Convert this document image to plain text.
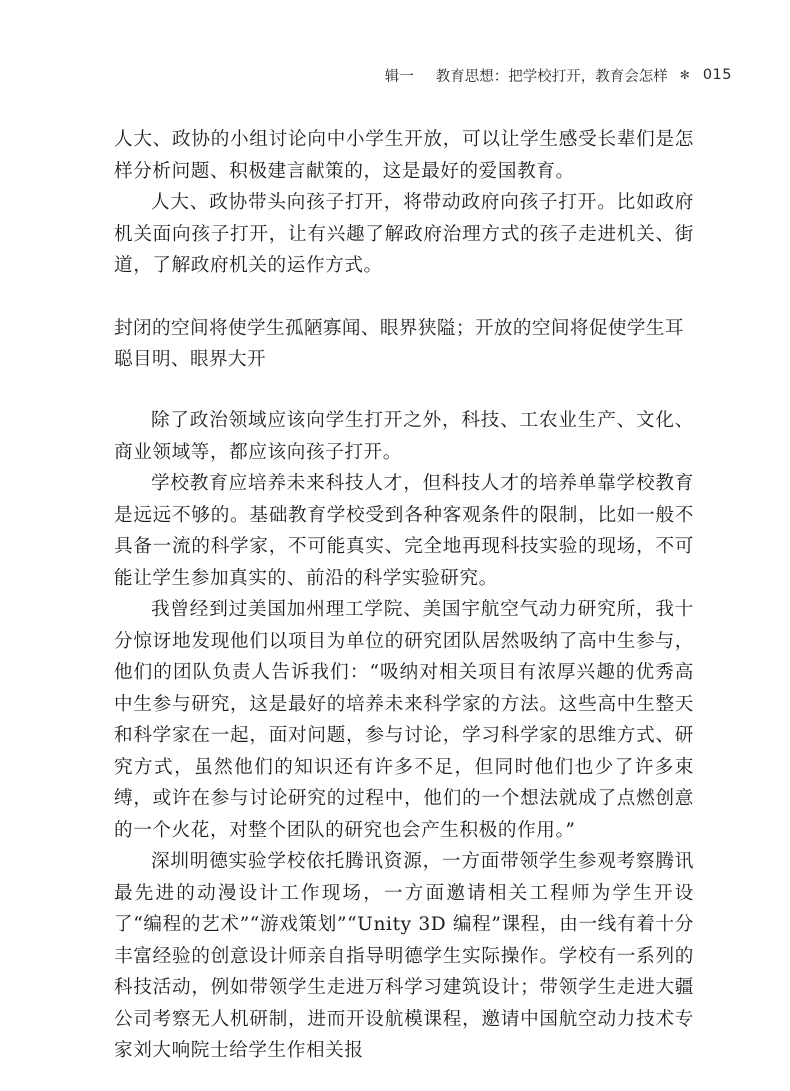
辑一 教育思想：把学校打开，教育会怎样 ✻ 015

人大、政协的小组讨论向中小学生开放，可以让学生感受长辈们是怎样分析问题、积极建言献策的，这是最好的爱国教育。

人大、政协带头向孩子打开，将带动政府向孩子打开。比如政府机关面向孩子打开，让有兴趣了解政府治理方式的孩子走进机关、街道，了解政府机关的运作方式。

封闭的空间将使学生孤陋寡闻、眼界狭隘；开放的空间将促使学生耳聪目明、眼界大开

除了政治领域应该向学生打开之外，科技、工农业生产、文化、商业领域等，都应该向孩子打开。

学校教育应培养未来科技人才，但科技人才的培养单靠学校教育是远远不够的。基础教育学校受到各种客观条件的限制，比如一般不具备一流的科学家，不可能真实、完全地再现科技实验的现场，不可能让学生参加真实的、前沿的科学实验研究。

我曾经到过美国加州理工学院、美国宇航空气动力研究所，我十分惊讶地发现他们以项目为单位的研究团队居然吸纳了高中生参与，他们的团队负责人告诉我们：“吸纳对相关项目有浓厚兴趣的优秀高中生参与研究，这是最好的培养未来科学家的方法。这些高中生整天和科学家在一起，面对问题，参与讨论，学习科学家的思维方式、研究方式，虽然他们的知识还有许多不足，但同时他们也少了许多束缚，或许在参与讨论研究的过程中，他们的一个想法就成了点燃创意的一个火花，对整个团队的研究也会产生积极的作用。”

深圳明德实验学校依托腾讯资源，一方面带领学生参观考察腾讯最先进的动漫设计工作现场，一方面邀请相关工程师为学生开设了“编程的艺术”“游戏策划”“Unity 3D 编程”课程，由一线有着十分丰富经验的创意设计师亲自指导明德学生实际操作。学校有一系列的科技活动，例如带领学生走进万科学习建筑设计；带领学生走进大疆公司考察无人机研制，进而开设航模课程，邀请中国航空动力技术专家刘大响院士给学生作相关报
